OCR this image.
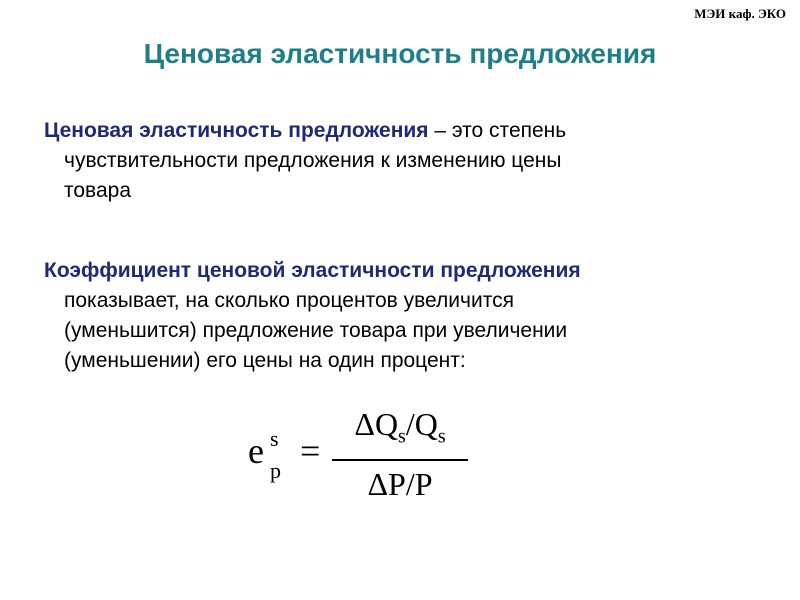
МЭИ каф. ЭКО
Ценовая эластичность предложения
Ценовая эластичность предложения – это степень
чувствительности предложения к изменению цены
товара
Коэффициент ценовой эластичности предложения
показывает, на сколько процентов увеличится
(уменьшится) предложение товара при увеличении
(уменьшении) его цены на один процент:
e s
p =
$\Delta Q_s/Q_s$
ΔP/P
